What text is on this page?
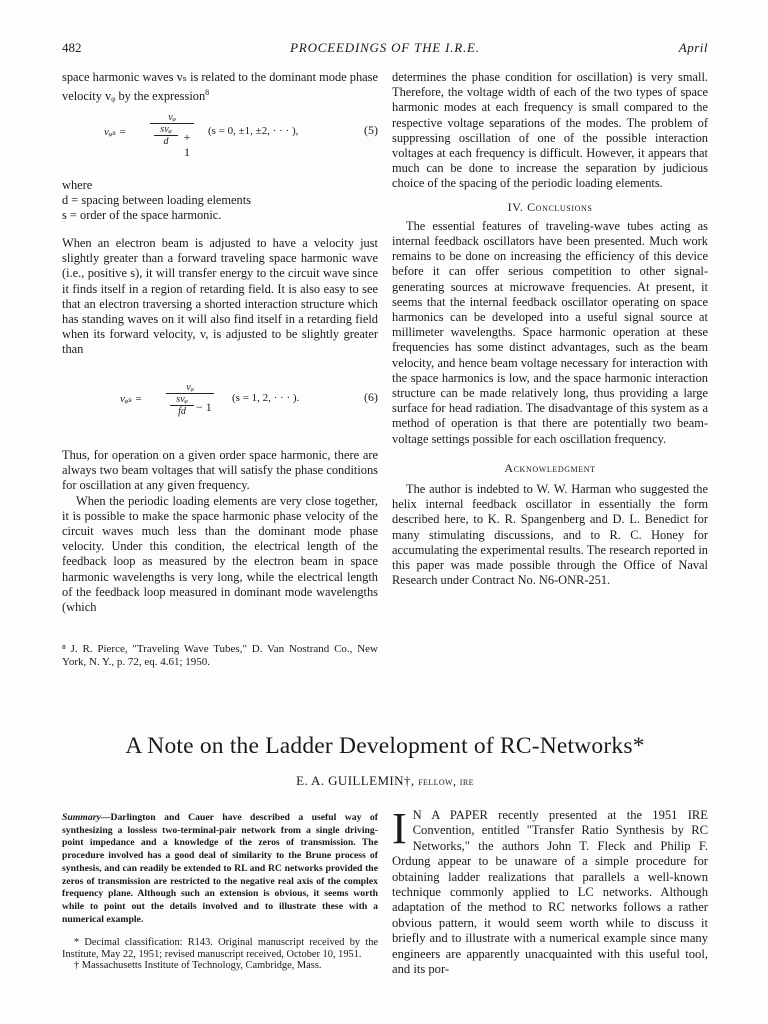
482	PROCEEDINGS OF THE I.R.E.	April

space harmonic waves vₛ is related to the dominant mode phase velocity vᵩ by the expression$^8$

vᵩₛ =
vᵩ
svᵩ
d	+ 1
(s = 0, ±1, ±2, · · · ),	(5)

where

d = spacing between loading elements

s = order of the space harmonic.

When an electron beam is adjusted to have a velocity just slightly greater than a forward traveling space harmonic wave (i.e., positive s), it will transfer energy to the circuit wave since it finds itself in a region of retarding field. It is also easy to see that an electron traversing a shorted interaction structure which has standing waves on it will also find itself in a retarding field when its forward velocity, v, is adjusted to be slightly greater than

vᵩₛ =
vᵩ
svᵩ
fd − 1
(s = 1, 2, · · · ).	(6)

Thus, for operation on a given order space harmonic, there are always two beam voltages that will satisfy the phase conditions for oscillation at any given frequency.

When the periodic loading elements are very close together, it is possible to make the space harmonic phase velocity of the circuit waves much less than the dominant mode phase velocity. Under this condition, the electrical length of the feedback loop as measured by the electron beam in space harmonic wavelengths is very long, while the electrical length of the feedback loop measured in dominant mode wavelengths (which

⁸ J. R. Pierce, "Traveling Wave Tubes," D. Van Nostrand Co., New York, N. Y., p. 72, eq. 4.61; 1950.

determines the phase condition for oscillation) is very small. Therefore, the voltage width of each of the two types of space harmonic modes at each frequency is small compared to the respective voltage separations of the modes. The problem of suppressing oscillation of one of the possible interaction voltages at each frequency is difficult. However, it appears that much can be done to increase the separation by judicious choice of the spacing of the periodic loading elements.

IV. Conclusions

The essential features of traveling-wave tubes acting as internal feedback oscillators have been presented. Much work remains to be done on increasing the efficiency of this device before it can offer serious competition to other signal-generating sources at microwave frequencies. At present, it seems that the internal feedback oscillator operating on space harmonics can be developed into a useful signal source at millimeter wavelengths. Space harmonic operation at these frequencies has some distinct advantages, such as the beam velocity, and hence beam voltage necessary for interaction with the space harmonics is low, and the space harmonic interaction structure can be made relatively long, thus providing a large surface for head radiation. The disadvantage of this system as a method of operation is that there are potentially two beam-voltage settings possible for each oscillation frequency.

Acknowledgment

The author is indebted to W. W. Harman who suggested the helix internal feedback oscillator in essentially the form described here, to K. R. Spangenberg and D. L. Benedict for many stimulating discussions, and to R. C. Honey for accumulating the experimental results. The research reported in this paper was made possible through the Office of Naval Research under Contract No. N6-ONR-251.

A Note on the Ladder Development of RC-Networks*
E. A. GUILLEMIN†, fellow, ire
Summary—Darlington and Cauer have described a useful way of synthesizing a lossless two-terminal-pair network from a single driving-point impedance and a knowledge of the zeros of transmission. The procedure involved has a good deal of similarity to the Brune process of synthesis, and can readily be extended to RL and RC networks provided the zeros of transmission are restricted to the negative real axis of the complex frequency plane. Although such an extension is obvious, it seems worth while to point out the details involved and to illustrate these with a numerical example.

* Decimal classification: R143. Original manuscript received by the Institute, May 22, 1951; revised manuscript received, October 10, 1951.

† Massachusetts Institute of Technology, Cambridge, Mass.

I N A PAPER recently presented at the 1951 IRE Convention, entitled "Transfer Ratio Synthesis by RC Networks," the authors John T. Fleck and Philip F. Ordung appear to be unaware of a simple procedure for obtaining ladder realizations that parallels a well-known technique commonly applied to LC networks. Although adaptation of the method to RC networks follows a rather obvious pattern, it would seem worth while to discuss it briefly and to illustrate with a numerical example since many engineers are apparently unacquainted with this useful tool, and its por-
